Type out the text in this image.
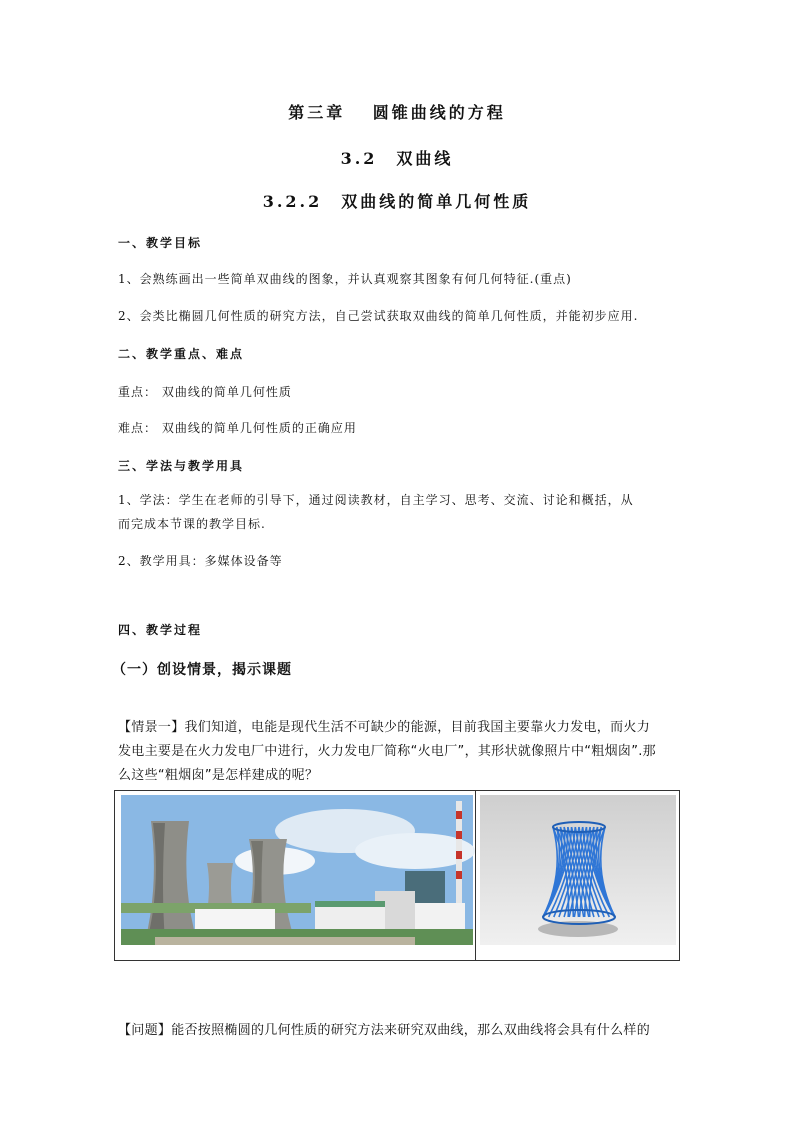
第三章　 圆锥曲线的方程
3.2　双曲线
3.2.2　双曲线的简单几何性质
一、教学目标
1、会熟练画出一些简单双曲线的图象，并认真观察其图象有何几何特征.(重点)
2、会类比椭圆几何性质的研究方法，自己尝试获取双曲线的简单几何性质，并能初步应用.
二、教学重点、难点
重点： 双曲线的简单几何性质
难点： 双曲线的简单几何性质的正确应用
三、学法与教学用具
1、学法：学生在老师的引导下，通过阅读教材，自主学习、思考、交流、讨论和概括，从
而完成本节课的教学目标.
2、教学用具：多媒体设备等
四、教学过程
（一）创设情景，揭示课题
【情景一】我们知道，电能是现代生活不可缺少的能源，目前我国主要靠火力发电，而火力
发电主要是在火力发电厂中进行，火力发电厂简称“火电厂”，其形状就像照片中“粗烟囱”.那
么这些“粗烟囱”是怎样建成的呢？
【问题】能否按照椭圆的几何性质的研究方法来研究双曲线，那么双曲线将会具有什么样的
